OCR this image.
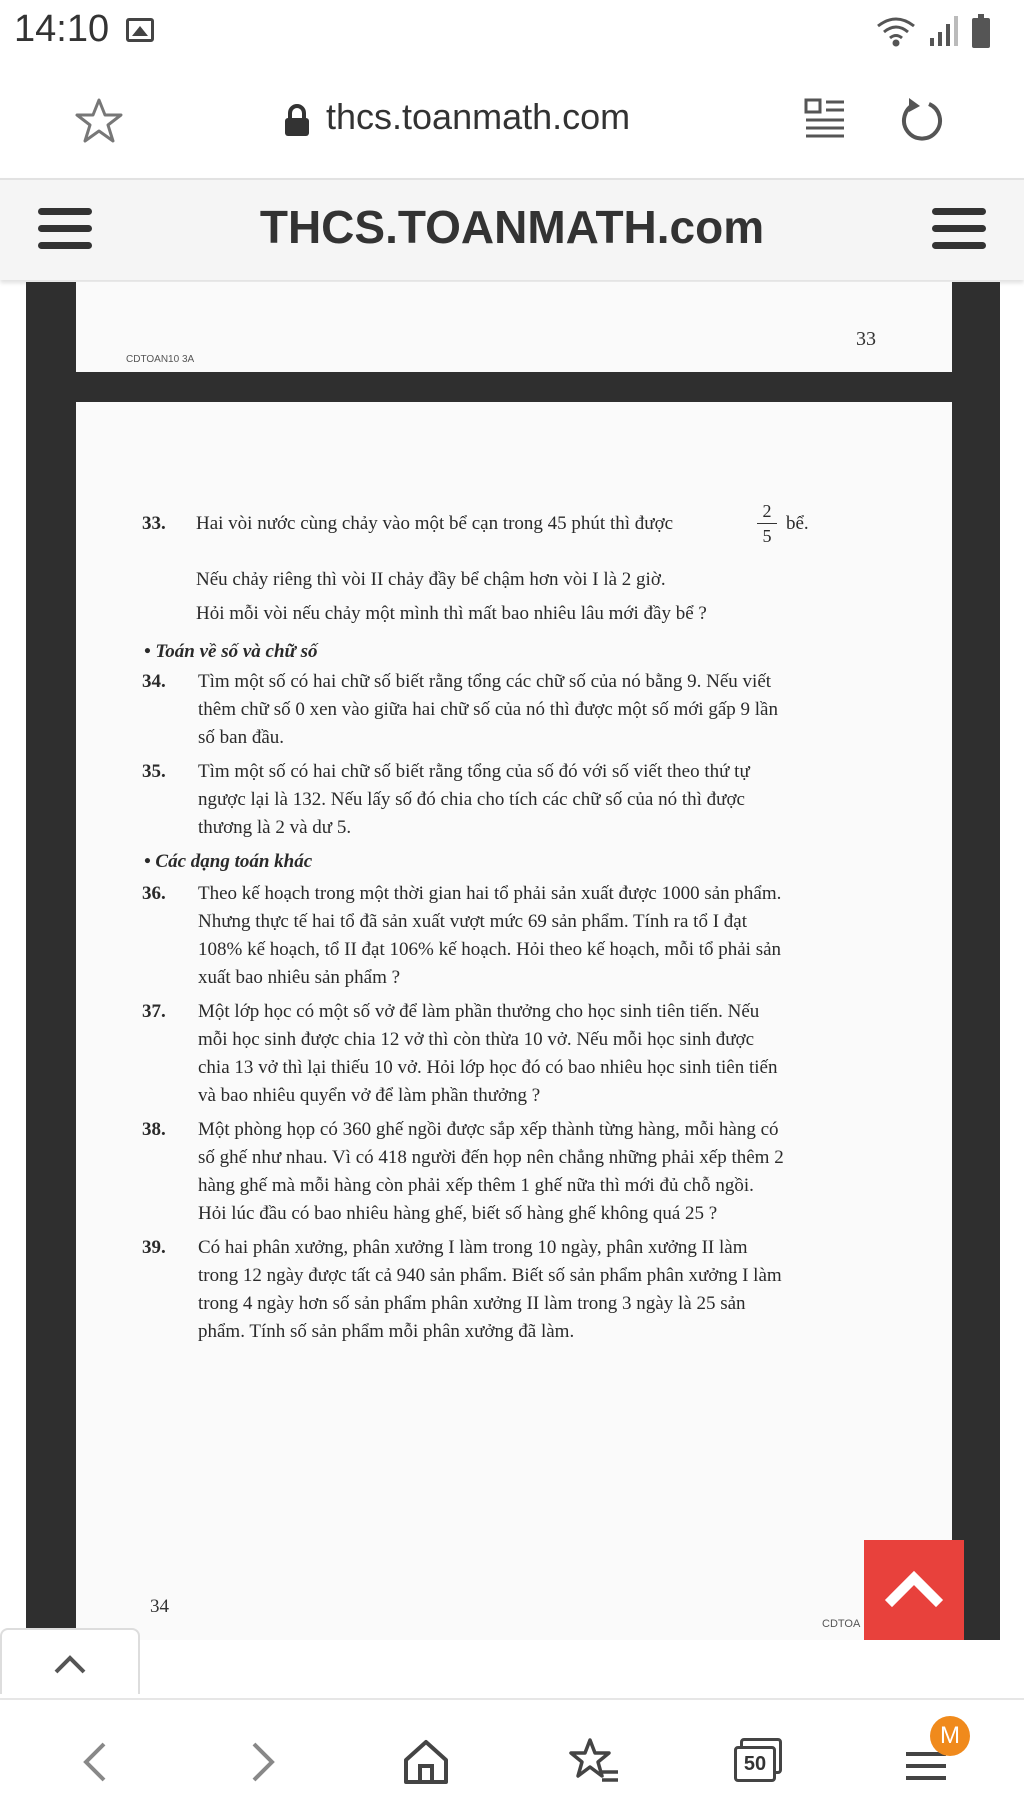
14:10
thcs.toanmath.com
THCS.TOANMATH.com
CDTOAN10 3A
33
33. Hai vòi nước cùng chảy vào một bể cạn trong 45 phút thì được
2
5
bể.
Nếu chảy riêng thì vòi II chảy đầy bể chậm hơn vòi I là 2 giờ.
Hỏi mỗi vòi nếu chảy một mình thì mất bao nhiêu lâu mới đầy bể ?
• Toán về số và chữ số
34. Tìm một số có hai chữ số biết rằng tổng các chữ số của nó bằng 9. Nếu viết
thêm chữ số 0 xen vào giữa hai chữ số của nó thì được một số mới gấp 9 lần
số ban đầu.
35. Tìm một số có hai chữ số biết rằng tổng của số đó với số viết theo thứ tự
ngược lại là 132. Nếu lấy số đó chia cho tích các chữ số của nó thì được
thương là 2 và dư 5.
• Các dạng toán khác
36. Theo kế hoạch trong một thời gian hai tổ phải sản xuất được 1000 sản phẩm.
Nhưng thực tế hai tổ đã sản xuất vượt mức 69 sản phẩm. Tính ra tổ I đạt
108% kế hoạch, tổ II đạt 106% kế hoạch. Hỏi theo kế hoạch, mỗi tổ phải sản
xuất bao nhiêu sản phẩm ?
37. Một lớp học có một số vở để làm phần thưởng cho học sinh tiên tiến. Nếu
mỗi học sinh được chia 12 vở thì còn thừa 10 vở. Nếu mỗi học sinh được
chia 13 vở thì lại thiếu 10 vở. Hỏi lớp học đó có bao nhiêu học sinh tiên tiến
và bao nhiêu quyển vở để làm phần thưởng ?
38. Một phòng họp có 360 ghế ngồi được sắp xếp thành từng hàng, mỗi hàng có
số ghế như nhau. Vì có 418 người đến họp nên chẳng những phải xếp thêm 2
hàng ghế mà mỗi hàng còn phải xếp thêm 1 ghế nữa thì mới đủ chỗ ngồi.
Hỏi lúc đầu có bao nhiêu hàng ghế, biết số hàng ghế không quá 25 ?
39. Có hai phân xưởng, phân xưởng I làm trong 10 ngày, phân xưởng II làm
trong 12 ngày được tất cả 940 sản phẩm. Biết số sản phẩm phân xưởng I làm
trong 4 ngày hơn số sản phẩm phân xưởng II làm trong 3 ngày là 25 sản
phẩm. Tính số sản phẩm mỗi phân xưởng đã làm.
34
CDTOA
50
M
